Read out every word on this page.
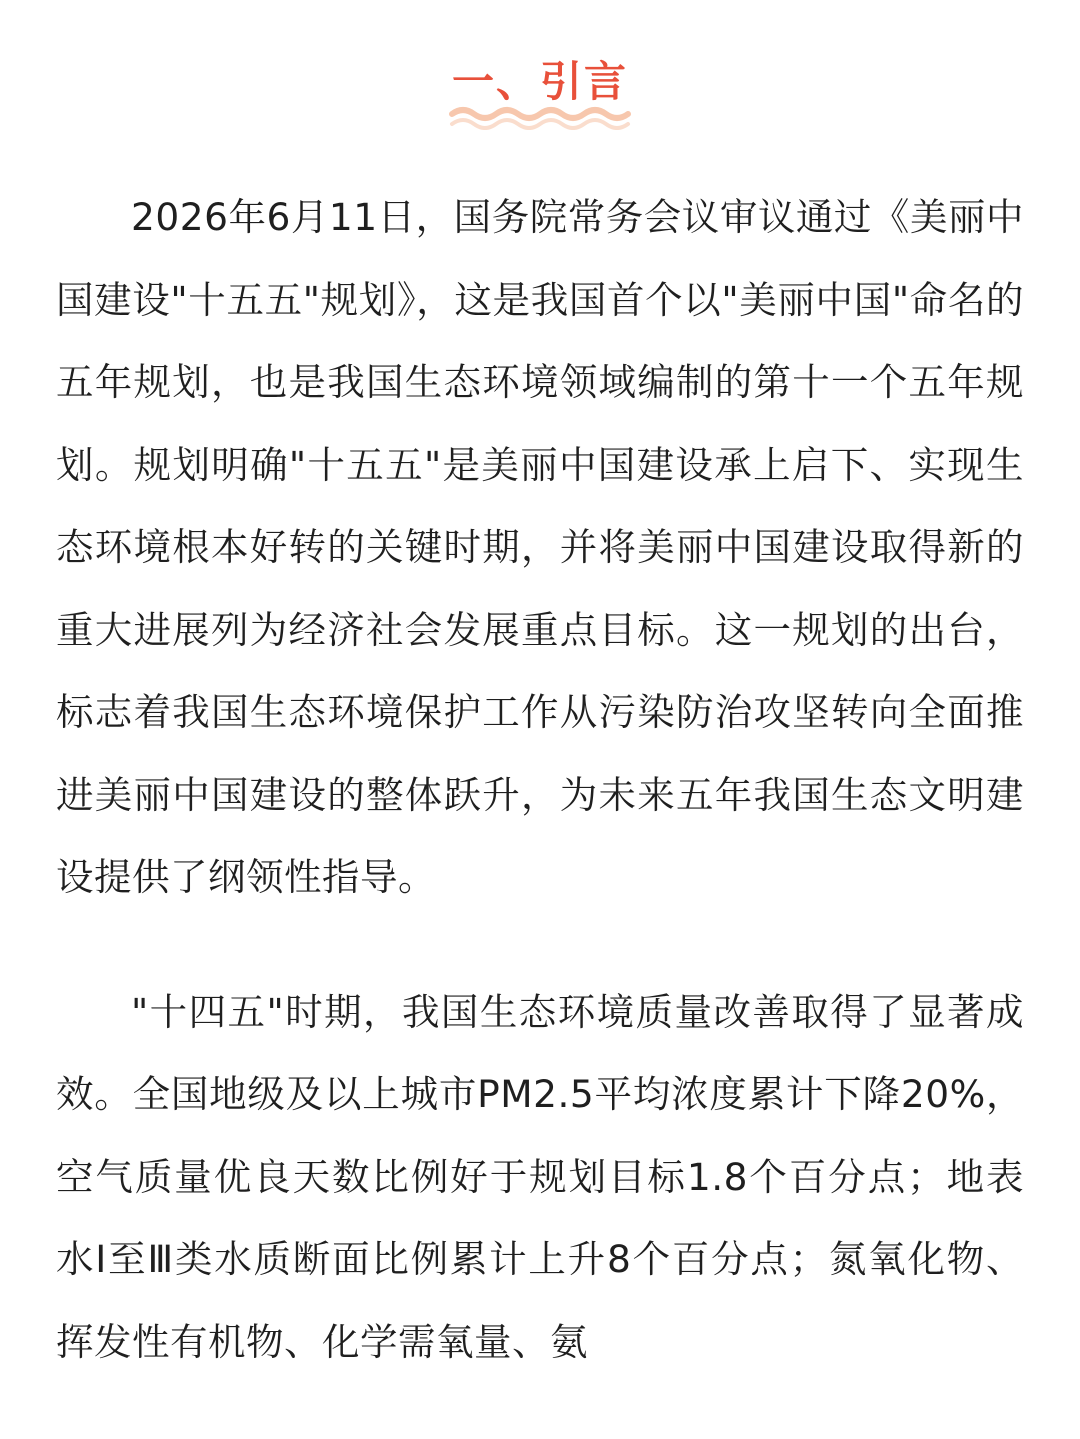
一、引言

2026年6月11日，国务院常务会议审议通过《美丽中国建设"十五五"规划》，这是我国首个以"美丽中国"命名的五年规划，也是我国生态环境领域编制的第十一个五年规划。规划明确"十五五"是美丽中国建设承上启下、实现生态环境根本好转的关键时期，并将美丽中国建设取得新的重大进展列为经济社会发展重点目标。这一规划的出台，标志着我国生态环境保护工作从污染防治攻坚转向全面推进美丽中国建设的整体跃升，为未来五年我国生态文明建设提供了纲领性指导。

"十四五"时期，我国生态环境质量改善取得了显著成效。全国地级及以上城市PM2.5平均浓度累计下降20%，空气质量优良天数比例好于规划目标1.8个百分点；地表水Ⅰ至Ⅲ类水质断面比例累计上升8个百分点；氮氧化物、挥发性有机物、化学需氧量、氨
